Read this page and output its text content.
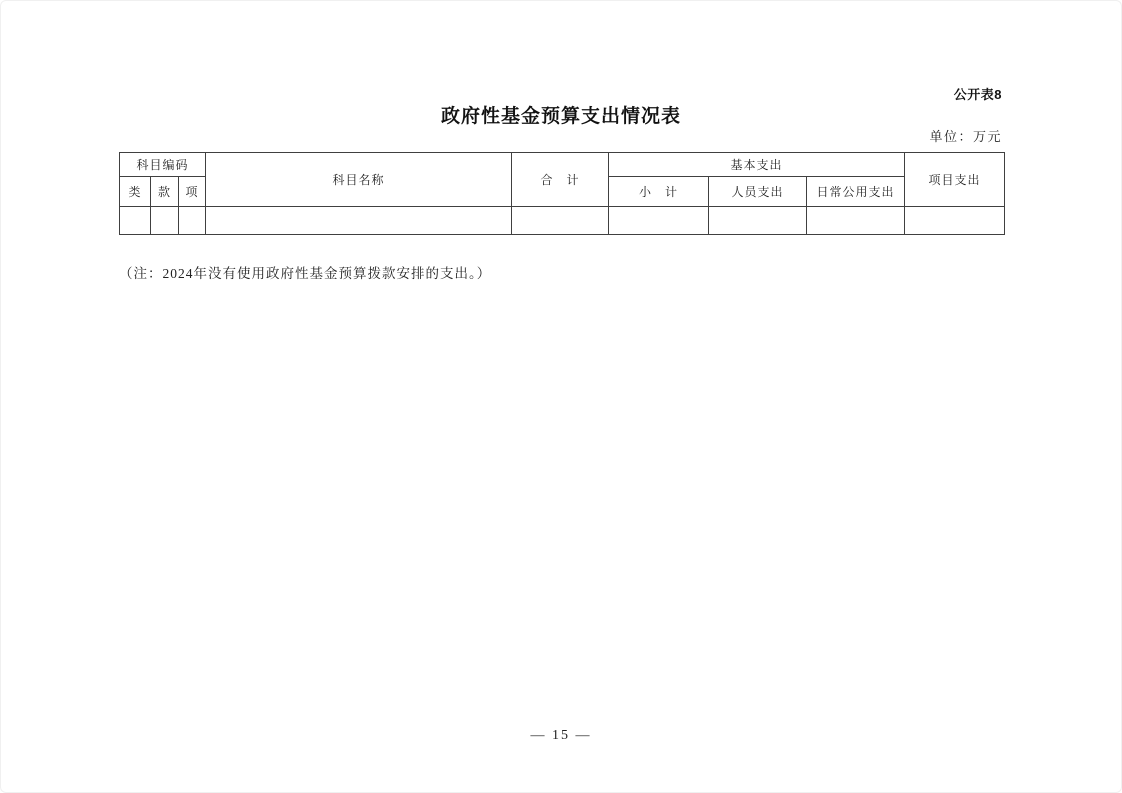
公开表8
政府性基金预算支出情况表
单位：万元
科目编码			科目名称	合　计	基本支出			项目支出
类	款	项			小　计	人员支出	日常公用支出	

（注：2024年没有使用政府性基金预算拨款安排的支出。）
— 15 —
